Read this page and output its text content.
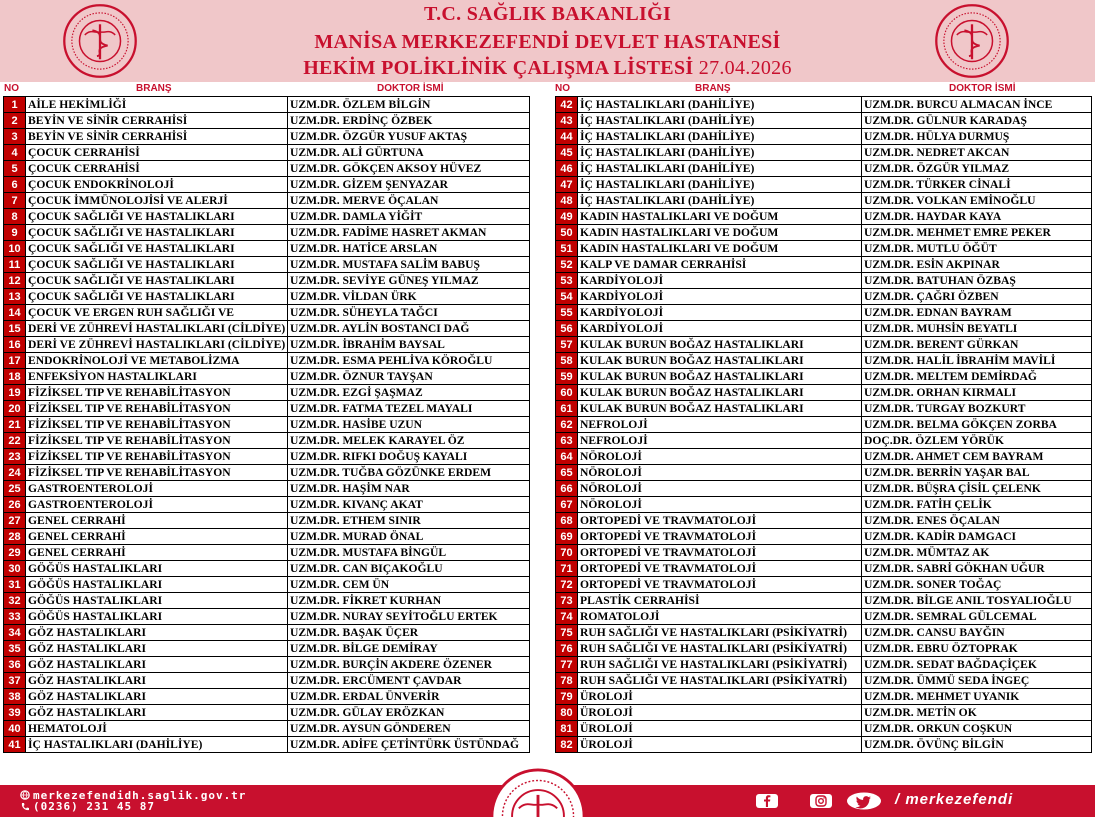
T.C. SAĞLIK BAKANLIĞI
MANİSA MERKEZEFENDİ DEVLET HASTANESİ
HEKİM POLİKLİNİK ÇALIŞMA LİSTESİ 27.04.2026
NO	BRANŞ	DOKTOR İSMİ	NO	BRANŞ	DOKTOR İSMİ
1	AİLE HEKİMLİĞİ	UZM.DR. ÖZLEM BİLGİN
2	BEYİN VE SİNİR CERRAHİSİ	UZM.DR. ERDİNÇ ÖZBEK
3	BEYİN VE SİNİR CERRAHİSİ	UZM.DR. ÖZGÜR YUSUF AKTAŞ
4	ÇOCUK CERRAHİSİ	UZM.DR. ALİ GÜRTUNA
5	ÇOCUK CERRAHİSİ	UZM.DR. GÖKÇEN AKSOY HÜVEZ
6	ÇOCUK ENDOKRİNOLOJİ	UZM.DR. GİZEM ŞENYAZAR
7	ÇOCUK İMMÜNOLOJİSİ VE ALERJİ	UZM.DR. MERVE ÖÇALAN
8	ÇOCUK SAĞLIĞI VE HASTALIKLARI	UZM.DR. DAMLA YİĞİT
9	ÇOCUK SAĞLIĞI VE HASTALIKLARI	UZM.DR. FADİME HASRET AKMAN
10	ÇOCUK SAĞLIĞI VE HASTALIKLARI	UZM.DR. HATİCE ARSLAN
11	ÇOCUK SAĞLIĞI VE HASTALIKLARI	UZM.DR. MUSTAFA SALİM BABUŞ
12	ÇOCUK SAĞLIĞI VE HASTALIKLARI	UZM.DR. SEVİYE GÜNEŞ YILMAZ
13	ÇOCUK SAĞLIĞI VE HASTALIKLARI	UZM.DR. VİLDAN ÜRK
14	ÇOCUK VE ERGEN RUH SAĞLIĞI VE	UZM.DR. SÜHEYLA TAĞCI
15	DERİ VE ZÜHREVİ HASTALIKLARI (CİLDİYE)	UZM.DR. AYLİN BOSTANCI DAĞ
16	DERİ VE ZÜHREVİ HASTALIKLARI (CİLDİYE)	UZM.DR. İBRAHİM BAYSAL
17	ENDOKRİNOLOJİ VE METABOLİZMA	UZM.DR. ESMA PEHLİVA KÖROĞLU
18	ENFEKSİYON HASTALIKLARI	UZM.DR. ÖZNUR TAYŞAN
19	FİZİKSEL TIP VE REHABİLİTASYON	UZM.DR. EZGİ ŞAŞMAZ
20	FİZİKSEL TIP VE REHABİLİTASYON	UZM.DR. FATMA TEZEL MAYALI
21	FİZİKSEL TIP VE REHABİLİTASYON	UZM.DR. HASİBE UZUN
22	FİZİKSEL TIP VE REHABİLİTASYON	UZM.DR. MELEK KARAYEL ÖZ
23	FİZİKSEL TIP VE REHABİLİTASYON	UZM.DR. RIFKI DOĞUŞ KAYALI
24	FİZİKSEL TIP VE REHABİLİTASYON	UZM.DR. TUĞBA GÖZÜNKE ERDEM
25	GASTROENTEROLOJİ	UZM.DR. HAŞİM NAR
26	GASTROENTEROLOJİ	UZM.DR. KIVANÇ AKAT
27	GENEL CERRAHİ	UZM.DR. ETHEM SINIR
28	GENEL CERRAHİ	UZM.DR. MURAD ÖNAL
29	GENEL CERRAHİ	UZM.DR. MUSTAFA BİNGÜL
30	GÖĞÜS HASTALIKLARI	UZM.DR. CAN BIÇAKOĞLU
31	GÖĞÜS HASTALIKLARI	UZM.DR. CEM ÜN
32	GÖĞÜS HASTALIKLARI	UZM.DR. FİKRET KURHAN
33	GÖĞÜS HASTALIKLARI	UZM.DR. NURAY SEYİTOĞLU ERTEK
34	GÖZ HASTALIKLARI	UZM.DR. BAŞAK ÜÇER
35	GÖZ HASTALIKLARI	UZM.DR. BİLGE DEMİRAY
36	GÖZ HASTALIKLARI	UZM.DR. BURÇİN AKDERE ÖZENER
37	GÖZ HASTALIKLARI	UZM.DR. ERCÜMENT ÇAVDAR
38	GÖZ HASTALIKLARI	UZM.DR. ERDAL ÜNVERİR
39	GÖZ HASTALIKLARI	UZM.DR. GÜLAY ERÖZKAN
40	HEMATOLOJİ	UZM.DR. AYSUN GÖNDEREN
41	İÇ HASTALIKLARI (DAHİLİYE)	UZM.DR. ADİFE ÇETİNTÜRK ÜSTÜNDAĞ
42	İÇ HASTALIKLARI (DAHİLİYE)	UZM.DR. BURCU ALMACAN İNCE
43	İÇ HASTALIKLARI (DAHİLİYE)	UZM.DR. GÜLNUR KARADAŞ
44	İÇ HASTALIKLARI (DAHİLİYE)	UZM.DR. HÜLYA DURMUŞ
45	İÇ HASTALIKLARI (DAHİLİYE)	UZM.DR. NEDRET AKCAN
46	İÇ HASTALIKLARI (DAHİLİYE)	UZM.DR. ÖZGÜR YILMAZ
47	İÇ HASTALIKLARI (DAHİLİYE)	UZM.DR. TÜRKER CİNALİ
48	İÇ HASTALIKLARI (DAHİLİYE)	UZM.DR. VOLKAN EMİNOĞLU
49	KADIN HASTALIKLARI VE DOĞUM	UZM.DR. HAYDAR KAYA
50	KADIN HASTALIKLARI VE DOĞUM	UZM.DR. MEHMET EMRE PEKER
51	KADIN HASTALIKLARI VE DOĞUM	UZM.DR. MUTLU ÖĞÜT
52	KALP VE DAMAR CERRAHİSİ	UZM.DR. ESİN AKPINAR
53	KARDİYOLOJİ	UZM.DR. BATUHAN ÖZBAŞ
54	KARDİYOLOJİ	UZM.DR. ÇAĞRI ÖZBEN
55	KARDİYOLOJİ	UZM.DR. EDNAN BAYRAM
56	KARDİYOLOJİ	UZM.DR. MUHSİN BEYATLI
57	KULAK BURUN BOĞAZ HASTALIKLARI	UZM.DR. BERENT GÜRKAN
58	KULAK BURUN BOĞAZ HASTALIKLARI	UZM.DR. HALİL İBRAHİM MAVİLİ
59	KULAK BURUN BOĞAZ HASTALIKLARI	UZM.DR. MELTEM DEMİRDAĞ
60	KULAK BURUN BOĞAZ HASTALIKLARI	UZM.DR. ORHAN KIRMALI
61	KULAK BURUN BOĞAZ HASTALIKLARI	UZM.DR. TURGAY BOZKURT
62	NEFROLOJİ	UZM.DR. BELMA GÖKÇEN ZORBA
63	NEFROLOJİ	DOÇ.DR. ÖZLEM YÖRÜK
64	NÖROLOJİ	UZM.DR. AHMET CEM BAYRAM
65	NÖROLOJİ	UZM.DR. BERRİN YAŞAR BAL
66	NÖROLOJİ	UZM.DR. BÜŞRA ÇİSİL ÇELENK
67	NÖROLOJİ	UZM.DR. FATİH ÇELİK
68	ORTOPEDİ VE TRAVMATOLOJİ	UZM.DR. ENES ÖÇALAN
69	ORTOPEDİ VE TRAVMATOLOJİ	UZM.DR. KADİR DAMGACI
70	ORTOPEDİ VE TRAVMATOLOJİ	UZM.DR. MÜMTAZ AK
71	ORTOPEDİ VE TRAVMATOLOJİ	UZM.DR. SABRİ GÖKHAN UĞUR
72	ORTOPEDİ VE TRAVMATOLOJİ	UZM.DR. SONER TOĞAÇ
73	PLASTİK CERRAHİSİ	UZM.DR. BİLGE ANIL TOSYALIOĞLU
74	ROMATOLOJİ	UZM.DR. SEMRAL GÜLCEMAL
75	RUH SAĞLIĞI VE HASTALIKLARI (PSİKİYATRİ)	UZM.DR. CANSU BAYĞIN
76	RUH SAĞLIĞI VE HASTALIKLARI (PSİKİYATRİ)	UZM.DR. EBRU ÖZTOPRAK
77	RUH SAĞLIĞI VE HASTALIKLARI (PSİKİYATRİ)	UZM.DR. SEDAT BAĞDAÇİÇEK
78	RUH SAĞLIĞI VE HASTALIKLARI (PSİKİYATRİ)	UZM.DR. ÜMMÜ SEDA İNGEÇ
79	ÜROLOJİ	UZM.DR. MEHMET UYANIK
80	ÜROLOJİ	UZM.DR. METİN OK
81	ÜROLOJİ	UZM.DR. ORKUN COŞKUN
82	ÜROLOJİ	UZM.DR. ÖVÜNÇ BİLGİN
merkezefendidh.saglik.gov.tr
(0236) 231 45 87	/ merkezefendi
